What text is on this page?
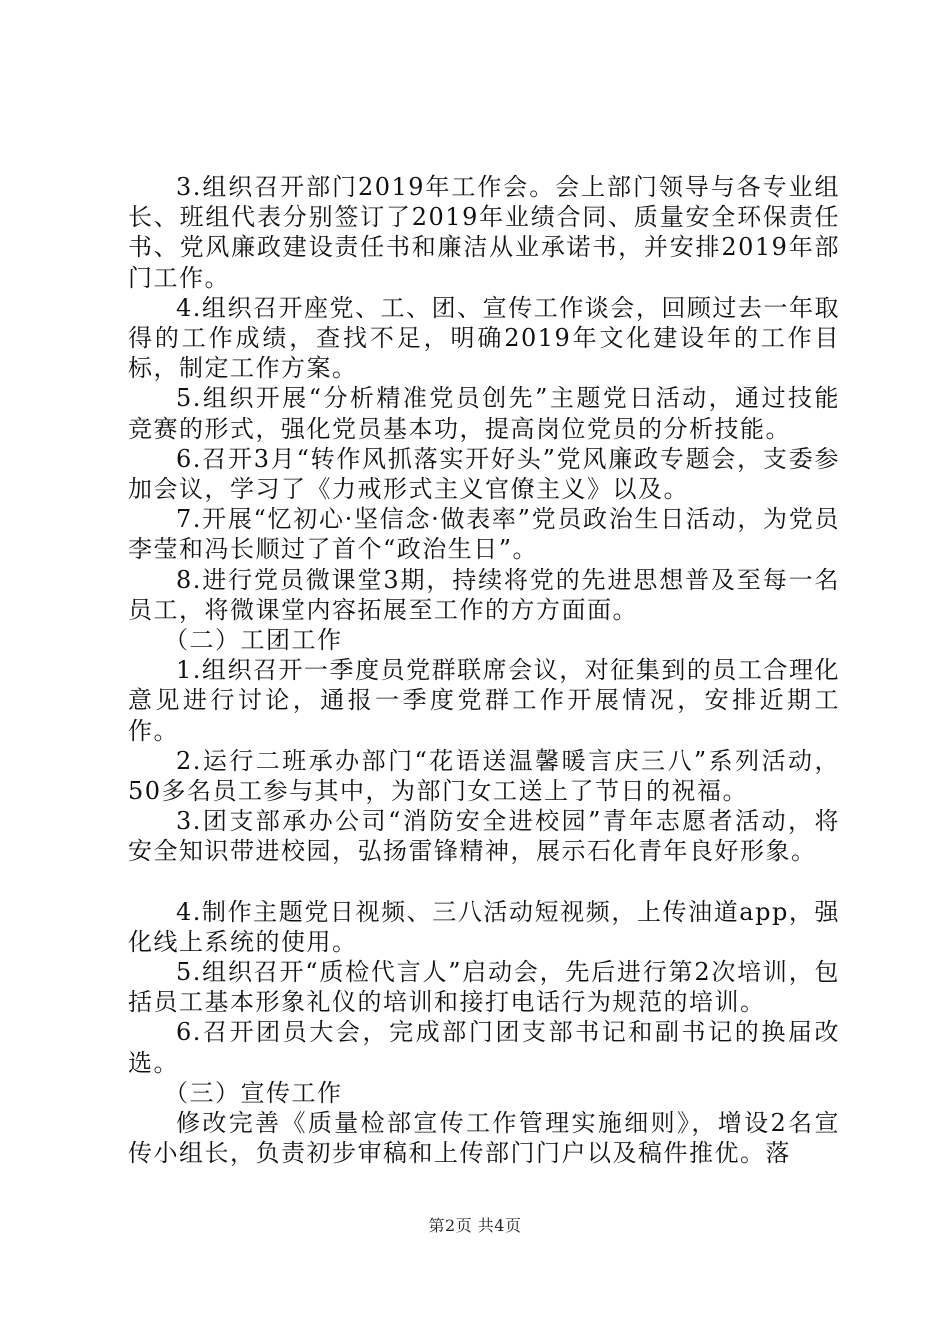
3.组织召开部门2019年工作会。会上部门领导与各专业组长、班组代表分别签订了2019年业绩合同、质量安全环保责任书、党风廉政建设责任书和廉洁从业承诺书，并安排2019年部门工作。

4.组织召开座党、工、团、宣传工作谈会，回顾过去一年取得的工作成绩，查找不足，明确2019年文化建设年的工作目标，制定工作方案。

5.组织开展“分析精准党员创先”主题党日活动，通过技能竞赛的形式，强化党员基本功，提高岗位党员的分析技能。

6.召开3月“转作风抓落实开好头”党风廉政专题会，支委参加会议，学习了《力戒形式主义官僚主义》以及。

7.开展“忆初心·坚信念·做表率”党员政治生日活动，为党员李莹和冯长顺过了首个“政治生日”。

8.进行党员微课堂3期，持续将党的先进思想普及至每一名员工，将微课堂内容拓展至工作的方方面面。

（二）工团工作

1.组织召开一季度员党群联席会议，对征集到的员工合理化意见进行讨论，通报一季度党群工作开展情况，安排近期工作。

2.运行二班承办部门“花语送温馨暖言庆三八”系列活动，50多名员工参与其中，为部门女工送上了节日的祝福。

3.团支部承办公司“消防安全进校园”青年志愿者活动，将安全知识带进校园，弘扬雷锋精神，展示石化青年良好形象。

4.制作主题党日视频、三八活动短视频，上传油道app，强化线上系统的使用。

5.组织召开“质检代言人”启动会，先后进行第2次培训，包括员工基本形象礼仪的培训和接打电话行为规范的培训。

6.召开团员大会，完成部门团支部书记和副书记的换届改选。

（三）宣传工作

修改完善《质量检部宣传工作管理实施细则》，增设2名宣传小组长，负责初步审稿和上传部门门户以及稿件推优。落

第2页 共4页
